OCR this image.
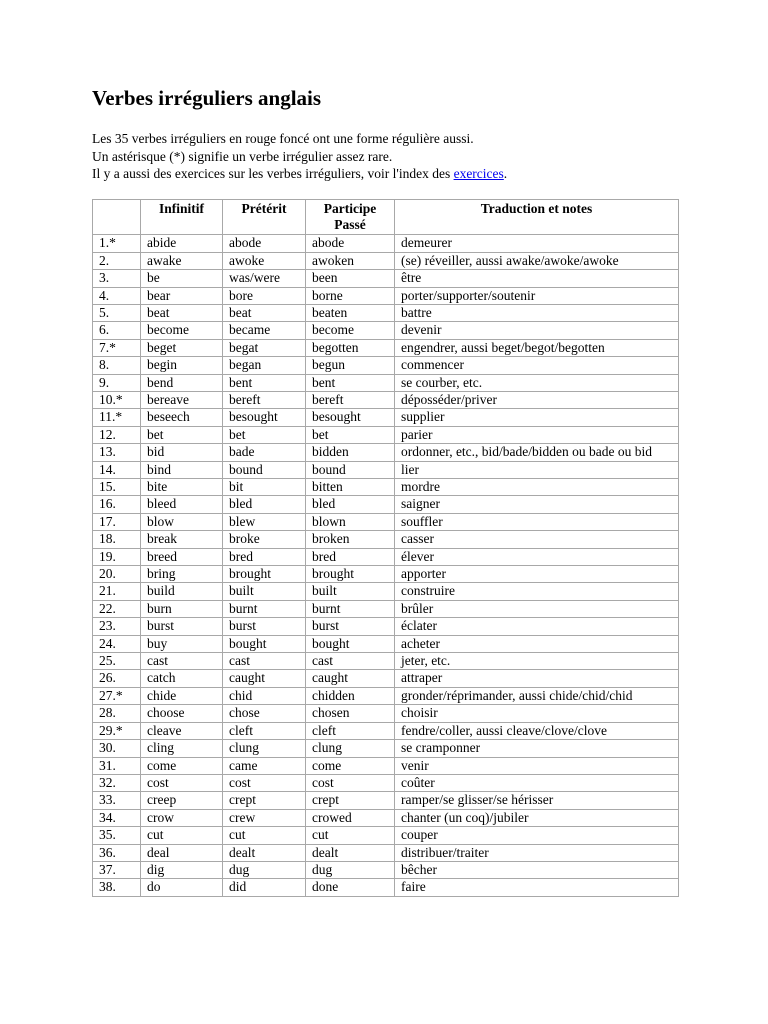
Verbes irréguliers anglais

Les 35 verbes irréguliers en rouge foncé ont une forme régulière aussi.

Un astérisque (*) signifie un verbe irrégulier assez rare.

Il y a aussi des exercices sur les verbes irréguliers, voir l'index des exercices.

	Infinitif	Prétérit	Participe Passé	Traduction et notes
1.*	abide	abode	abode	demeurer
2.	awake	awoke	awoken	(se) réveiller, aussi awake/awoke/awoke
3.	be	was/were	been	être
4.	bear	bore	borne	porter/supporter/soutenir
5.	beat	beat	beaten	battre
6.	become	became	become	devenir
7.*	beget	begat	begotten	engendrer, aussi beget/begot/begotten
8.	begin	began	begun	commencer
9.	bend	bent	bent	se courber, etc.
10.*	bereave	bereft	bereft	déposséder/priver
11.*	beseech	besought	besought	supplier
12.	bet	bet	bet	parier
13.	bid	bade	bidden	ordonner, etc., bid/bade/bidden ou bade ou bid
14.	bind	bound	bound	lier
15.	bite	bit	bitten	mordre
16.	bleed	bled	bled	saigner
17.	blow	blew	blown	souffler
18.	break	broke	broken	casser
19.	breed	bred	bred	élever
20.	bring	brought	brought	apporter
21.	build	built	built	construire
22.	burn	burnt	burnt	brûler
23.	burst	burst	burst	éclater
24.	buy	bought	bought	acheter
25.	cast	cast	cast	jeter, etc.
26.	catch	caught	caught	attraper
27.*	chide	chid	chidden	gronder/réprimander, aussi chide/chid/chid
28.	choose	chose	chosen	choisir
29.*	cleave	cleft	cleft	fendre/coller, aussi cleave/clove/clove
30.	cling	clung	clung	se cramponner
31.	come	came	come	venir
32.	cost	cost	cost	coûter
33.	creep	crept	crept	ramper/se glisser/se hérisser
34.	crow	crew	crowed	chanter (un coq)/jubiler
35.	cut	cut	cut	couper
36.	deal	dealt	dealt	distribuer/traiter
37.	dig	dug	dug	bêcher
38.	do	did	done	faire
